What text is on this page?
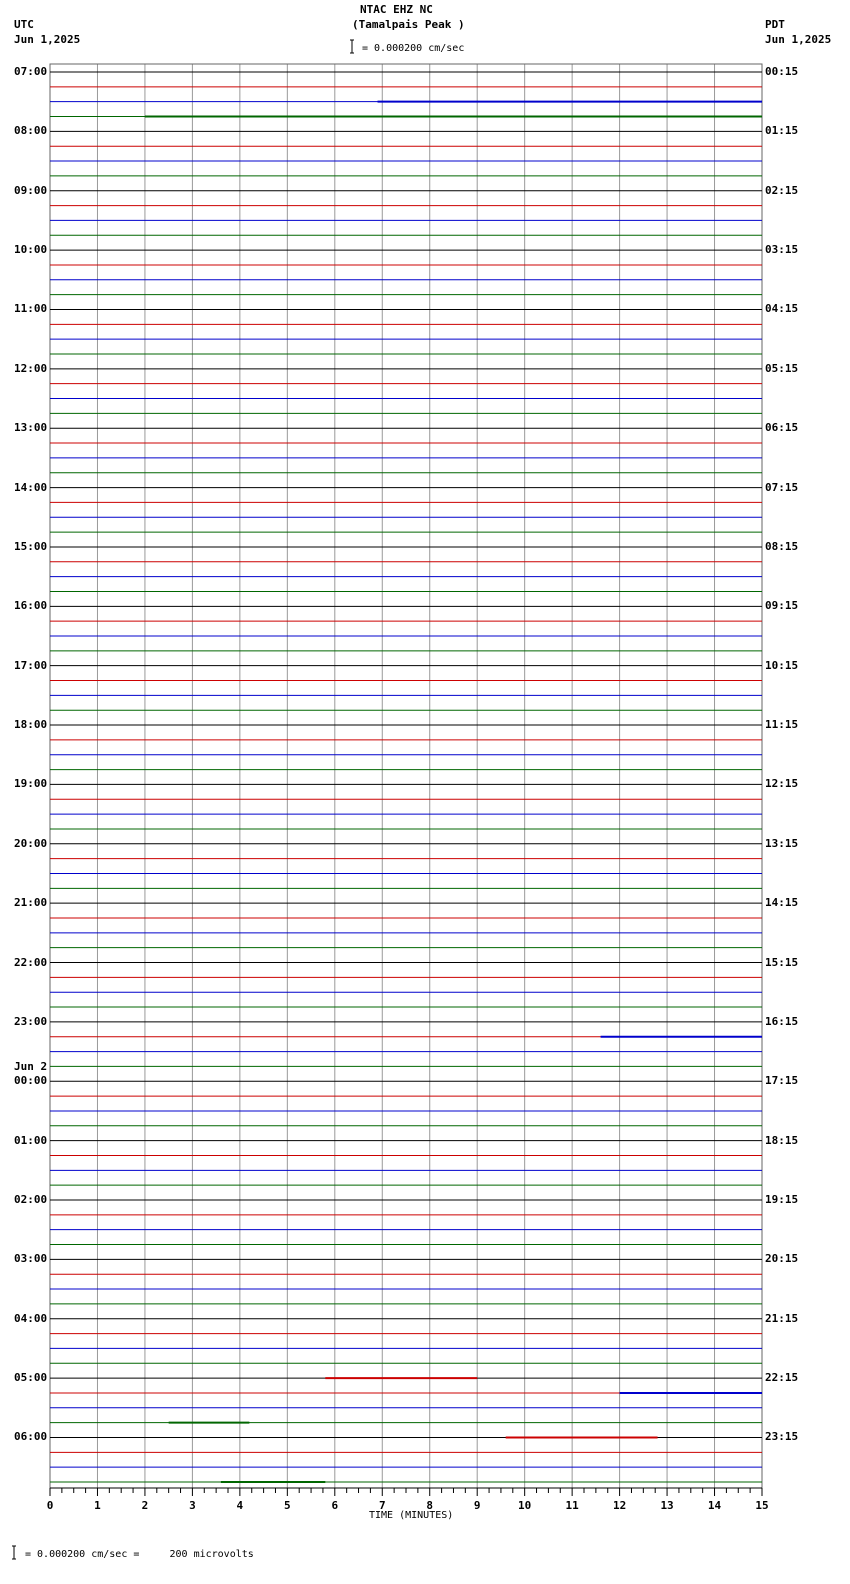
NTAC EHZ NC
(Tamalpais Peak )
UTC
Jun 1,2025
PDT
Jun 1,2025
= 0.000200 cm/sec
= 0.000200 cm/sec =     200 microvolts
TIME (MINUTES)
Jun 2
0	1	2	3	4	5	6	7	8	9	10	11	12	13	14	15
07:00
08:00
09:00
10:00
11:00
12:00
13:00
14:00
15:00
16:00
17:00
18:00
19:00
20:00
21:00
22:00
23:00
00:00
01:00
02:00
03:00
04:00
05:00
06:00
00:15
01:15
02:15
03:15
04:15
05:15
06:15
07:15
08:15
09:15
10:15
11:15
12:15
13:15
14:15
15:15
16:15
17:15
18:15
19:15
20:15
21:15
22:15
23:15
